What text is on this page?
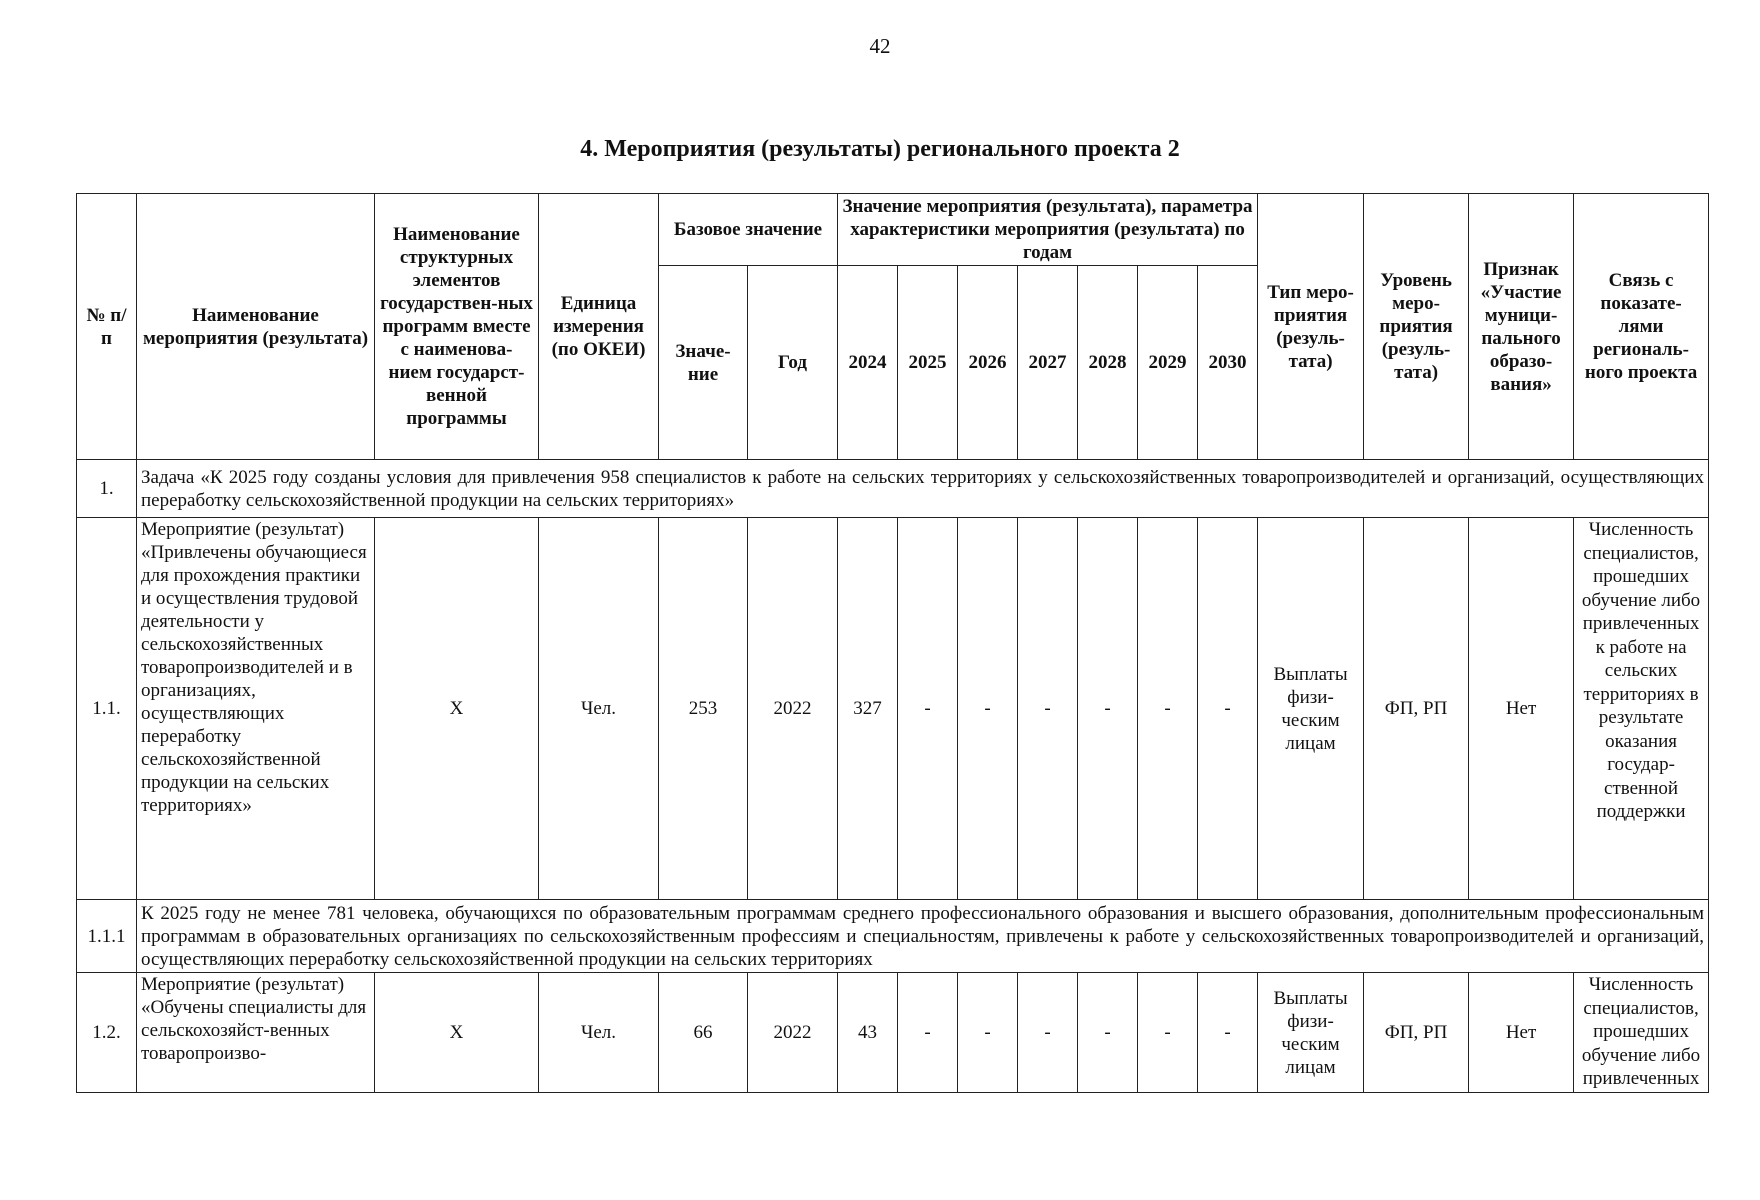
42
4. Мероприятия (результаты) регионального проекта 2
№ п/п	Наименование мероприятия (результата)	Наименование структурных элементов государствен-ных программ вместе с наименова-нием государст-венной программы	Единица измерения (по ОКЕИ)	Базовое значение		Значение мероприятия (результата), параметра характеристики мероприятия (результата) по годам							Тип меро-приятия (резуль-тата)	Уровень меро-приятия (резуль-тата)	Признак «Участие муници-пального образо-вания»	Связь с показате-лями региональ-ного проекта
				Значе-ние	Год	2024	2025	2026	2027	2028	2029	2030				
1.	Задача «К 2025 году созданы условия для привлечения 958 специалистов к работе на сельских территориях у сельскохозяйственных товаропроизводителей и организаций, осуществляющих переработку сельскохозяйственной продукции на сельских территориях»															
1.1.	Мероприятие (результат) «Привлечены обучающиеся для прохождения практики и осуществления трудовой деятельности у сельскохозяйственных товаропроизводителей и в организациях, осуществляющих переработку сельскохозяйственной продукции на сельских территориях»	Х	Чел.	253	2022	327	-	-	-	-	-	-	Выплаты физи-ческим лицам	ФП, РП	Нет	Численность специалистов, прошедших обучение либо привлеченных к работе на сельских территориях в результате оказания государ-ственной поддержки
1.1.1	К 2025 году не менее 781 человека, обучающихся по образовательным программам среднего профессионального образования и высшего образования, дополнительным профессиональным программам в образовательных организациях по сельскохозяйственным профессиям и специальностям, привлечены к работе у сельскохозяйственных товаропроизводителей и организаций, осуществляющих переработку сельскохозяйственной продукции на сельских территориях															
1.2.	Мероприятие (результат) «Обучены специалисты для сельскохозяйст-венных товаропроизво-	Х	Чел.	66	2022	43	-	-	-	-	-	-	Выплаты физи-ческим лицам	ФП, РП	Нет	Численность специалистов, прошедших обучение либо привлеченных
